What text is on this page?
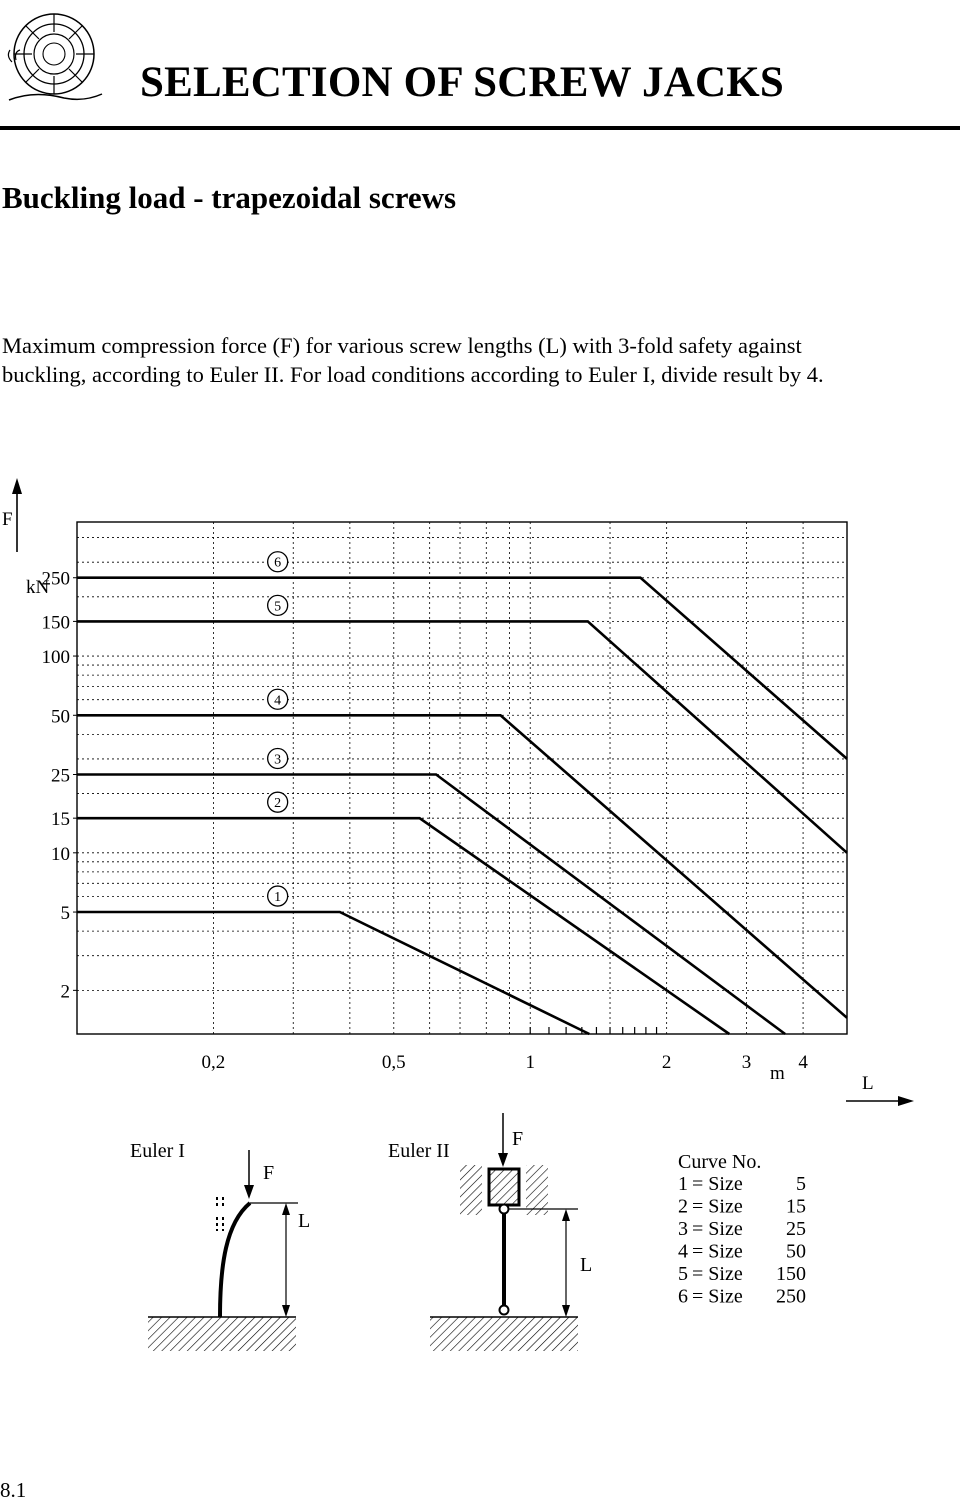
SELECTION OF SCREW JACKS
Buckling load - trapezoidal screws

Maximum compression force (F) for various screw lengths (L) with 3-fold safety against
buckling, according to Euler II. For load conditions according to Euler I, divide result by 4.

6
5
4
3
2
1
250
150
100
50
25
15
10
5
2
0,2	0,5	1	2	3 4
F
kN
m	L
Euler I
F
L
Euler II
F
L
Curve No.
1 = Size	5
2 = Size 15
3 = Size 25
4 = Size 50
5 = Size 150
6 = Size 250
8.1
